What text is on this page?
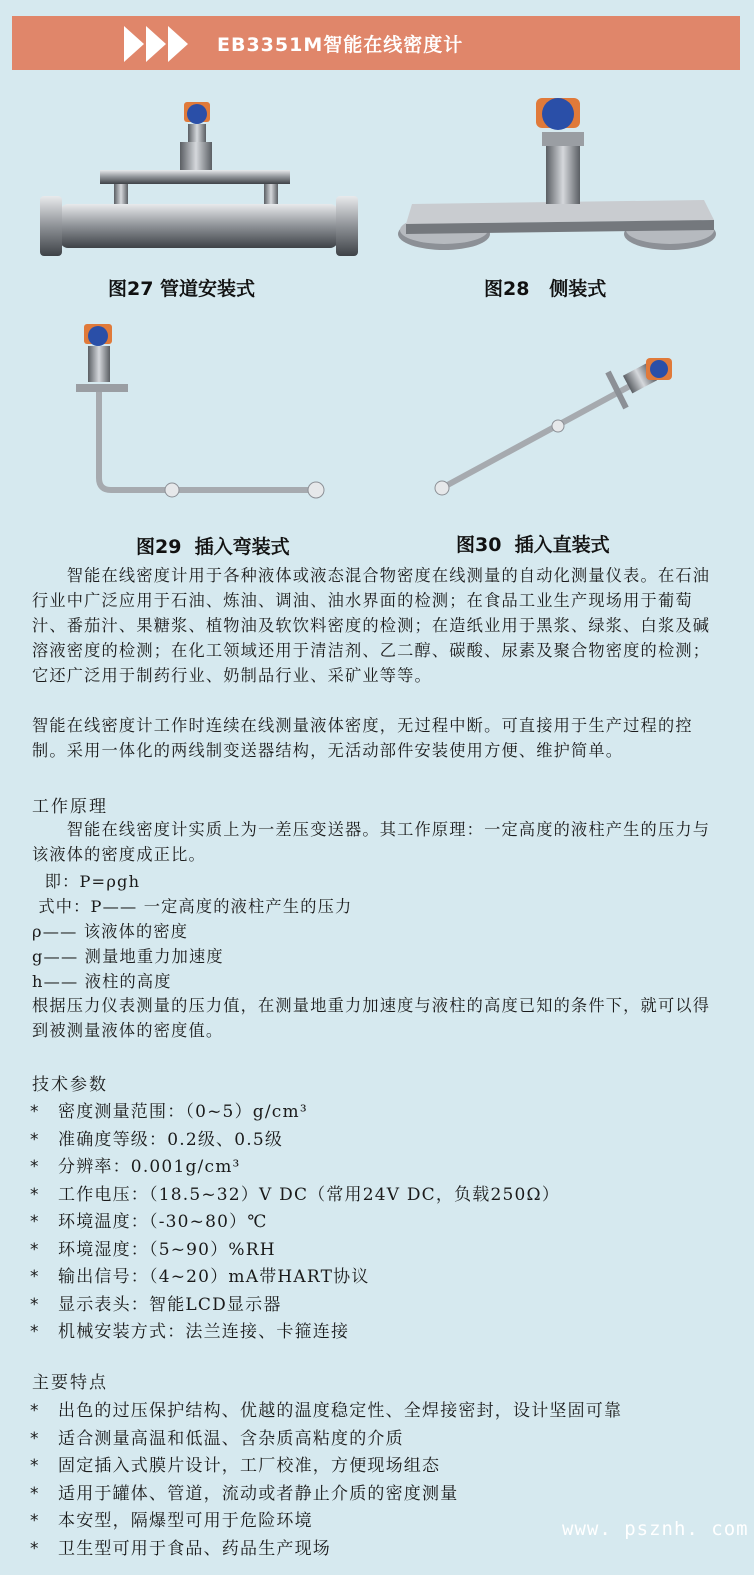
EB3351M智能在线密度计
图27 管道安装式	图28   侧装式
图29  插入弯装式	图30  插入直装式
　　智能在线密度计用于各种液体或液态混合物密度在线测量的自动化测量仪表。在石油行业中广泛应用于石油、炼油、调油、油水界面的检测；在食品工业生产现场用于葡萄汁、番茄汁、果糖浆、植物油及软饮料密度的检测；在造纸业用于黑浆、绿浆、白浆及碱溶液密度的检测；在化工领域还用于清洁剂、乙二醇、碳酸、尿素及聚合物密度的检测；它还广泛用于制药行业、奶制品行业、采矿业等等。
智能在线密度计工作时连续在线测量液体密度，无过程中断。可直接用于生产过程的控制。采用一体化的两线制变送器结构，无活动部件安装使用方便、维护简单。
工作原理
　　智能在线密度计实质上为一差压变送器。其工作原理：一定高度的液柱产生的压力与该液体的密度成正比。
即：P=ρgh
式中：P—— 一定高度的液柱产生的压力
ρ—— 该液体的密度
g—— 测量地重力加速度
h—— 液柱的高度
根据压力仪表测量的压力值，在测量地重力加速度与液柱的高度已知的条件下，就可以得到被测量液体的密度值。
技术参数
* 密度测量范围：（0~5）g/cm³
* 准确度等级：0.2级、0.5级
* 分辨率：0.001g/cm³
* 工作电压：（18.5~32）V DC（常用24V DC，负载250Ω）
* 环境温度：（-30~80）℃
* 环境湿度：（5~90）%RH
* 输出信号：（4~20）mA带HART协议
* 显示表头：智能LCD显示器
* 机械安装方式：法兰连接、卡箍连接
主要特点
* 出色的过压保护结构、优越的温度稳定性、全焊接密封，设计坚固可靠
* 适合测量高温和低温、含杂质高粘度的介质
* 固定插入式膜片设计，工厂校准，方便现场组态
* 适用于罐体、管道，流动或者静止介质的密度测量
* 本安型，隔爆型可用于危险环境
* 卫生型可用于食品、药品生产现场
www. psznh. com
